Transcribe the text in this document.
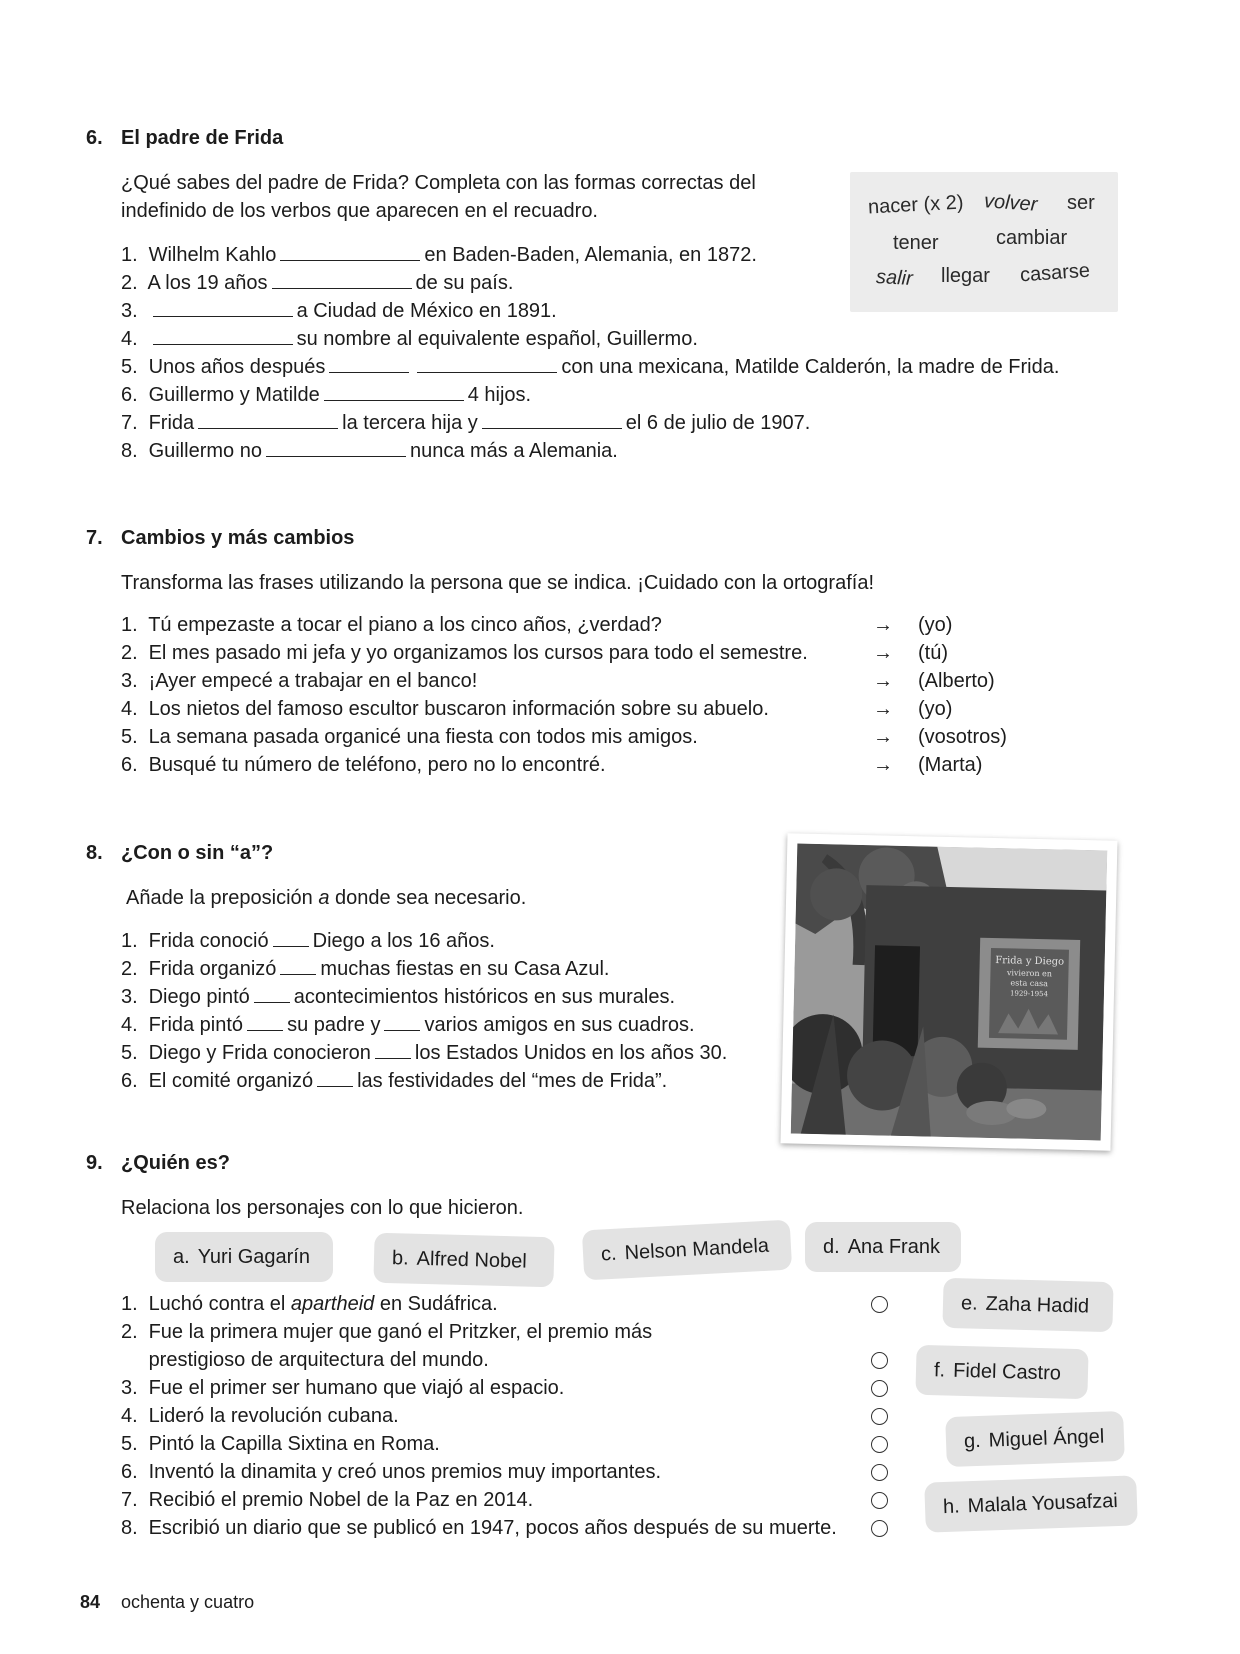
6. El padre de Frida
¿Qué sabes del padre de Frida? Completa con las formas correctas del
indefinido de los verbos que aparecen en el recuadro.	nacer (x 2) volver ser
tener	cambiar
salir llegar casarse
1. Wilhelm Kahlo	en Baden-Baden, Alemania, en 1872.
2. A los 19 años	de su país.
3.	a Ciudad de México en 1891.
4.	su nombre al equivalente español, Guillermo.
5. Unos años después	con una mexicana, Matilde Calderón, la madre de Frida.
6. Guillermo y Matilde	4 hijos.
7. Frida	la tercera hija y	el 6 de julio de 1907.
8. Guillermo no	nunca más a Alemania.
7. Cambios y más cambios
Transforma las frases utilizando la persona que se indica. ¡Cuidado con la ortografía!
1. Tú empezaste a tocar el piano a los cinco años, ¿verdad?	→ (yo)
2. El mes pasado mi jefa y yo organizamos los cursos para todo el semestre.	→ (tú)
3. ¡Ayer empecé a trabajar en el banco!	→ (Alberto)
4. Los nietos del famoso escultor buscaron información sobre su abuelo.	→ (yo)
5. La semana pasada organicé una fiesta con todos mis amigos.	→ (vosotros)
6. Busqué tu número de teléfono, pero no lo encontré.	→ (Marta)
8. ¿Con o sin “a”?
Añade la preposición a donde sea necesario.
1. Frida conoció Diego a los 16 años.
2. Frida organizó muchas fiestas en su Casa Azul.
3. Diego pintó acontecimientos históricos en sus murales.
4. Frida pintó su padre y varios amigos en sus cuadros.
5. Diego y Frida conocieron los Estados Unidos en los años 30.
6. El comité organizó las festividades del “mes de Frida”.
Frida y Diego
vivieron en
esta casa
1929-1954
9. ¿Quién es?
Relaciona los personajes con lo que hicieron.
a. Yuri Gagarín	b. Alfred Nobel	c. Nelson Mandela	d. Ana Frank
e. Zaha Hadid
f. Fidel Castro
g. Miguel Ángel
h. Malala Yousafzai
1. Luchó contra el apartheid en Sudáfrica.
2. Fue la primera mujer que ganó el Pritzker, el premio más
prestigioso de arquitectura del mundo.
3. Fue el primer ser humano que viajó al espacio.
4. Lideró la revolución cubana.
5. Pintó la Capilla Sixtina en Roma.
6. Inventó la dinamita y creó unos premios muy importantes.
7. Recibió el premio Nobel de la Paz en 2014.
8. Escribió un diario que se publicó en 1947, pocos años después de su muerte.
84 ochenta y cuatro
